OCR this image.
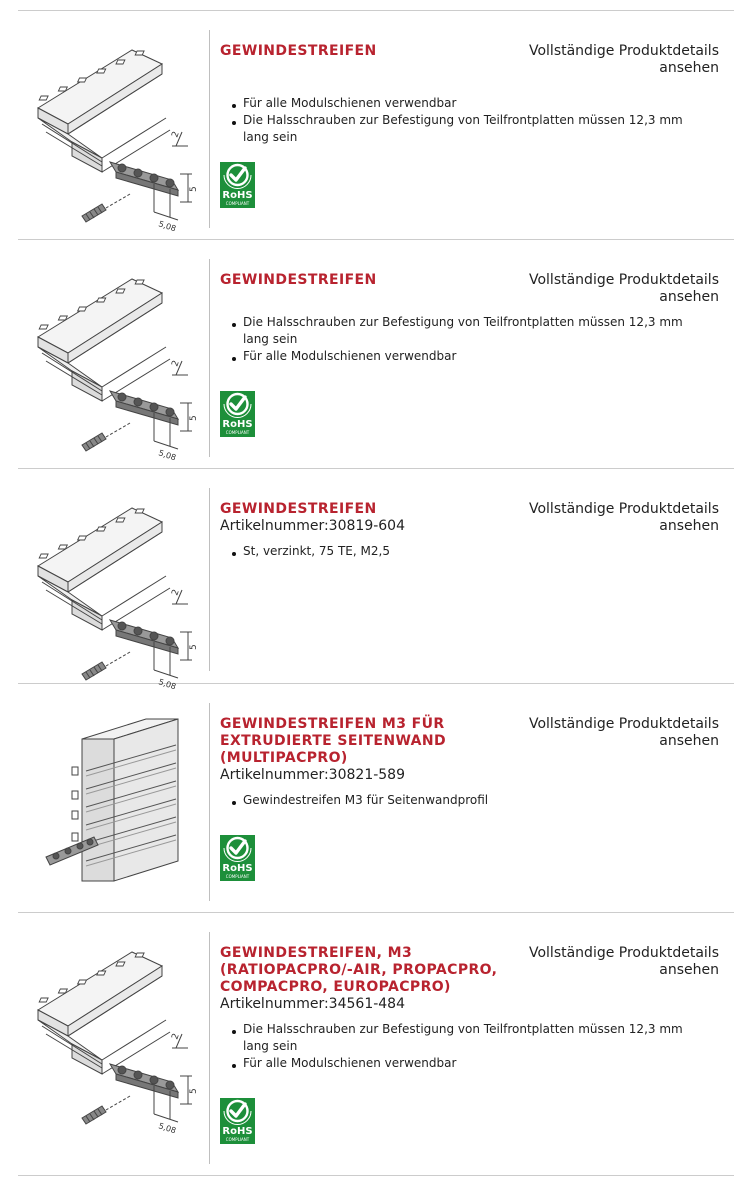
2
5
5,08
GEWINDESTREIFEN	Vollständige Produktdetails ansehen
Für alle Modulschienen verwendbar
Die Halsschrauben zur Befestigung von Teilfrontplatten müssen 12,3 mm lang sein
RoHS
COMPLIANT
2
5
5,08
GEWINDESTREIFEN	Vollständige Produktdetails ansehen
Die Halsschrauben zur Befestigung von Teilfrontplatten müssen 12,3 mm lang sein
Für alle Modulschienen verwendbar
RoHS
COMPLIANT
2
5
5,08
GEWINDESTREIFEN
Artikelnummer:30819-604
Vollständige Produktdetails ansehen
St, verzinkt, 75 TE, M2,5
GEWINDESTREIFEN M3 FÜR EXTRUDIERTE SEITENWAND (MULTIPACPRO)
Artikelnummer:30821-589
Vollständige Produktdetails ansehen
Gewindestreifen M3 für Seitenwandprofil
RoHS
COMPLIANT
2
5
5,08
GEWINDESTREIFEN, M3 (RATIOPACPRO/-AIR, PROPACPRO, COMPACPRO, EUROPACPRO)
Artikelnummer:34561-484
Vollständige Produktdetails ansehen
Die Halsschrauben zur Befestigung von Teilfrontplatten müssen 12,3 mm lang sein
Für alle Modulschienen verwendbar
RoHS
COMPLIANT
